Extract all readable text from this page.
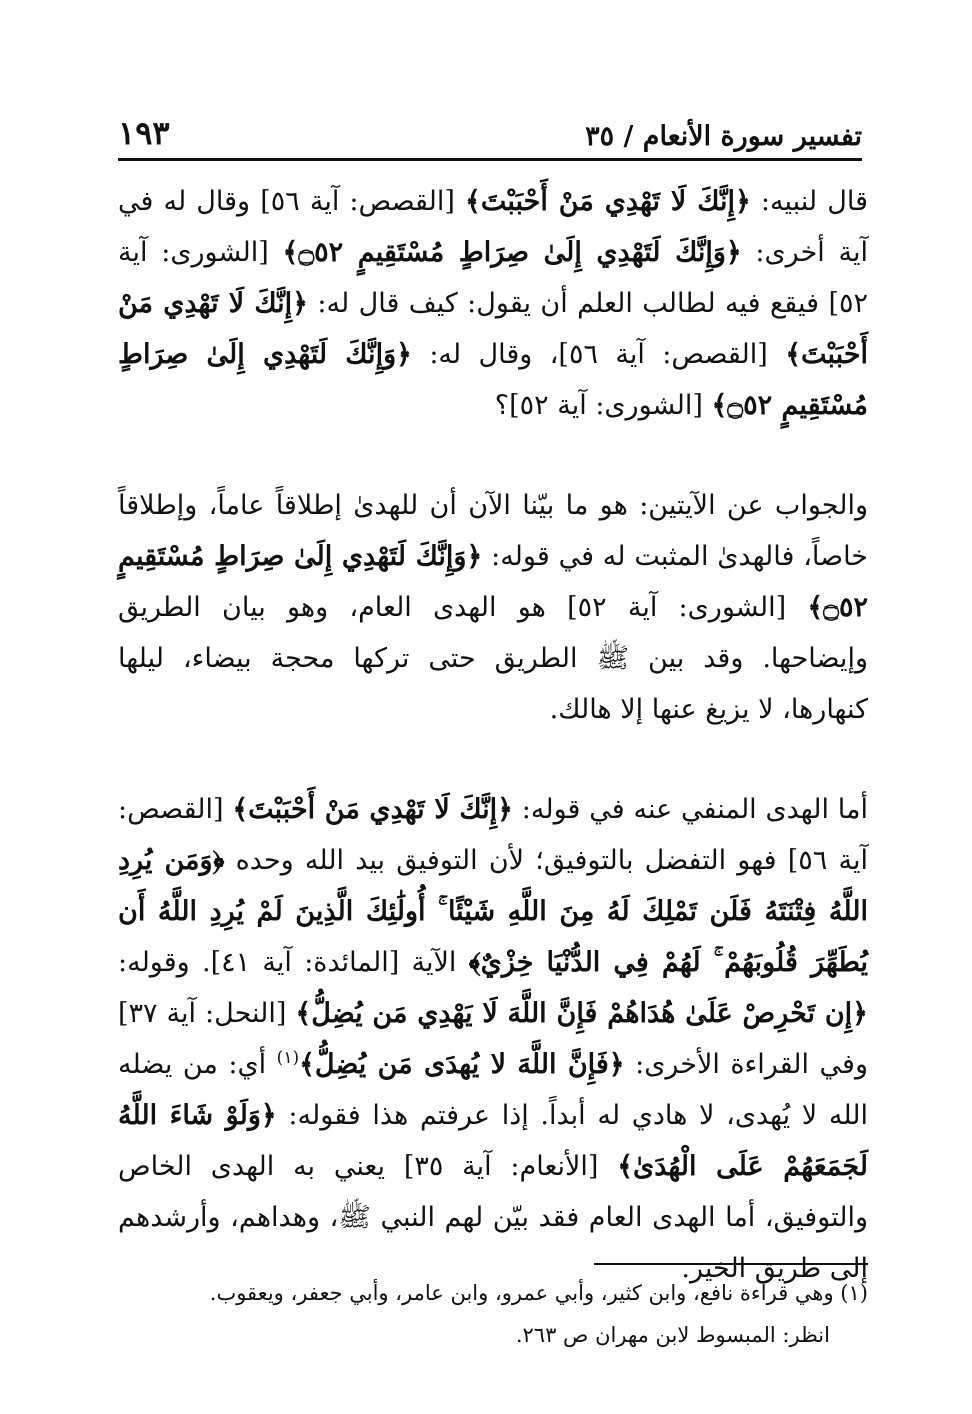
تفسير سورة الأنعام / ٣٥
١٩٣

قال لنبيه: ﴿إِنَّكَ لَا تَهْدِي مَنْ أَحْبَبْتَ﴾ [القصص: آية ٥٦] وقال له في آية أخرى: ﴿وَإِنَّكَ لَتَهْدِي إِلَىٰ صِرَاطٍ مُسْتَقِيمٍ ۝٥٢﴾ [الشورى: آية ٥٢] فيقع فيه لطالب العلم أن يقول: كيف قال له: ﴿إِنَّكَ لَا تَهْدِي مَنْ أَحْبَبْتَ﴾ [القصص: آية ٥٦]، وقال له: ﴿وَإِنَّكَ لَتَهْدِي إِلَىٰ صِرَاطٍ مُسْتَقِيمٍ ۝٥٢﴾ [الشورى: آية ٥٢]؟

والجواب عن الآيتين: هو ما بيّنا الآن أن للهدىٰ إطلاقاً عاماً، وإطلاقاً خاصاً، فالهدىٰ المثبت له في قوله: ﴿وَإِنَّكَ لَتَهْدِي إِلَىٰ صِرَاطٍ مُسْتَقِيمٍ ۝٥٢﴾ [الشورى: آية ٥٢] هو الهدى العام، وهو بيان الطريق وإيضاحها. وقد بين ﷺ الطريق حتى تركها محجة بيضاء، ليلها كنهارها، لا يزيغ عنها إلا هالك.

أما الهدى المنفي عنه في قوله: ﴿إِنَّكَ لَا تَهْدِي مَنْ أَحْبَبْتَ﴾ [القصص: آية ٥٦] فهو التفضل بالتوفيق؛ لأن التوفيق بيد الله وحده ﴿وَمَن يُرِدِ اللَّهُ فِتْنَتَهُ فَلَن تَمْلِكَ لَهُ مِنَ اللَّهِ شَيْئًا ۚ أُولَٰئِكَ الَّذِينَ لَمْ يُرِدِ اللَّهُ أَن يُطَهِّرَ قُلُوبَهُمْ ۚ لَهُمْ فِي الدُّنْيَا خِزْيٌ﴾ الآية [المائدة: آية ٤١]. وقوله: ﴿إِن تَحْرِصْ عَلَىٰ هُدَاهُمْ فَإِنَّ اللَّهَ لَا يَهْدِي مَن يُضِلُّ﴾ [النحل: آية ٣٧] وفي القراءة الأخرى: ﴿فَإِنَّ اللَّهَ لا يُهدَى مَن يُضِلُّ﴾$^{(١)}$ أي: من يضله الله لا يُهدى، لا هادي له أبداً. إذا عرفتم هذا فقوله: ﴿وَلَوْ شَاءَ اللَّهُ لَجَمَعَهُمْ عَلَى الْهُدَىٰ﴾ [الأنعام: آية ٣٥] يعني به الهدى الخاص والتوفيق، أما الهدى العام فقد بيّن لهم النبي ﷺ، وهداهم، وأرشدهم إلى طريق الخير.

(١) وهي قراءة نافع، وابن كثير، وأبي عمرو، وابن عامر، وأبي جعفر، ويعقوب.

انظر: المبسوط لابن مهران ص ٢٦٣.
